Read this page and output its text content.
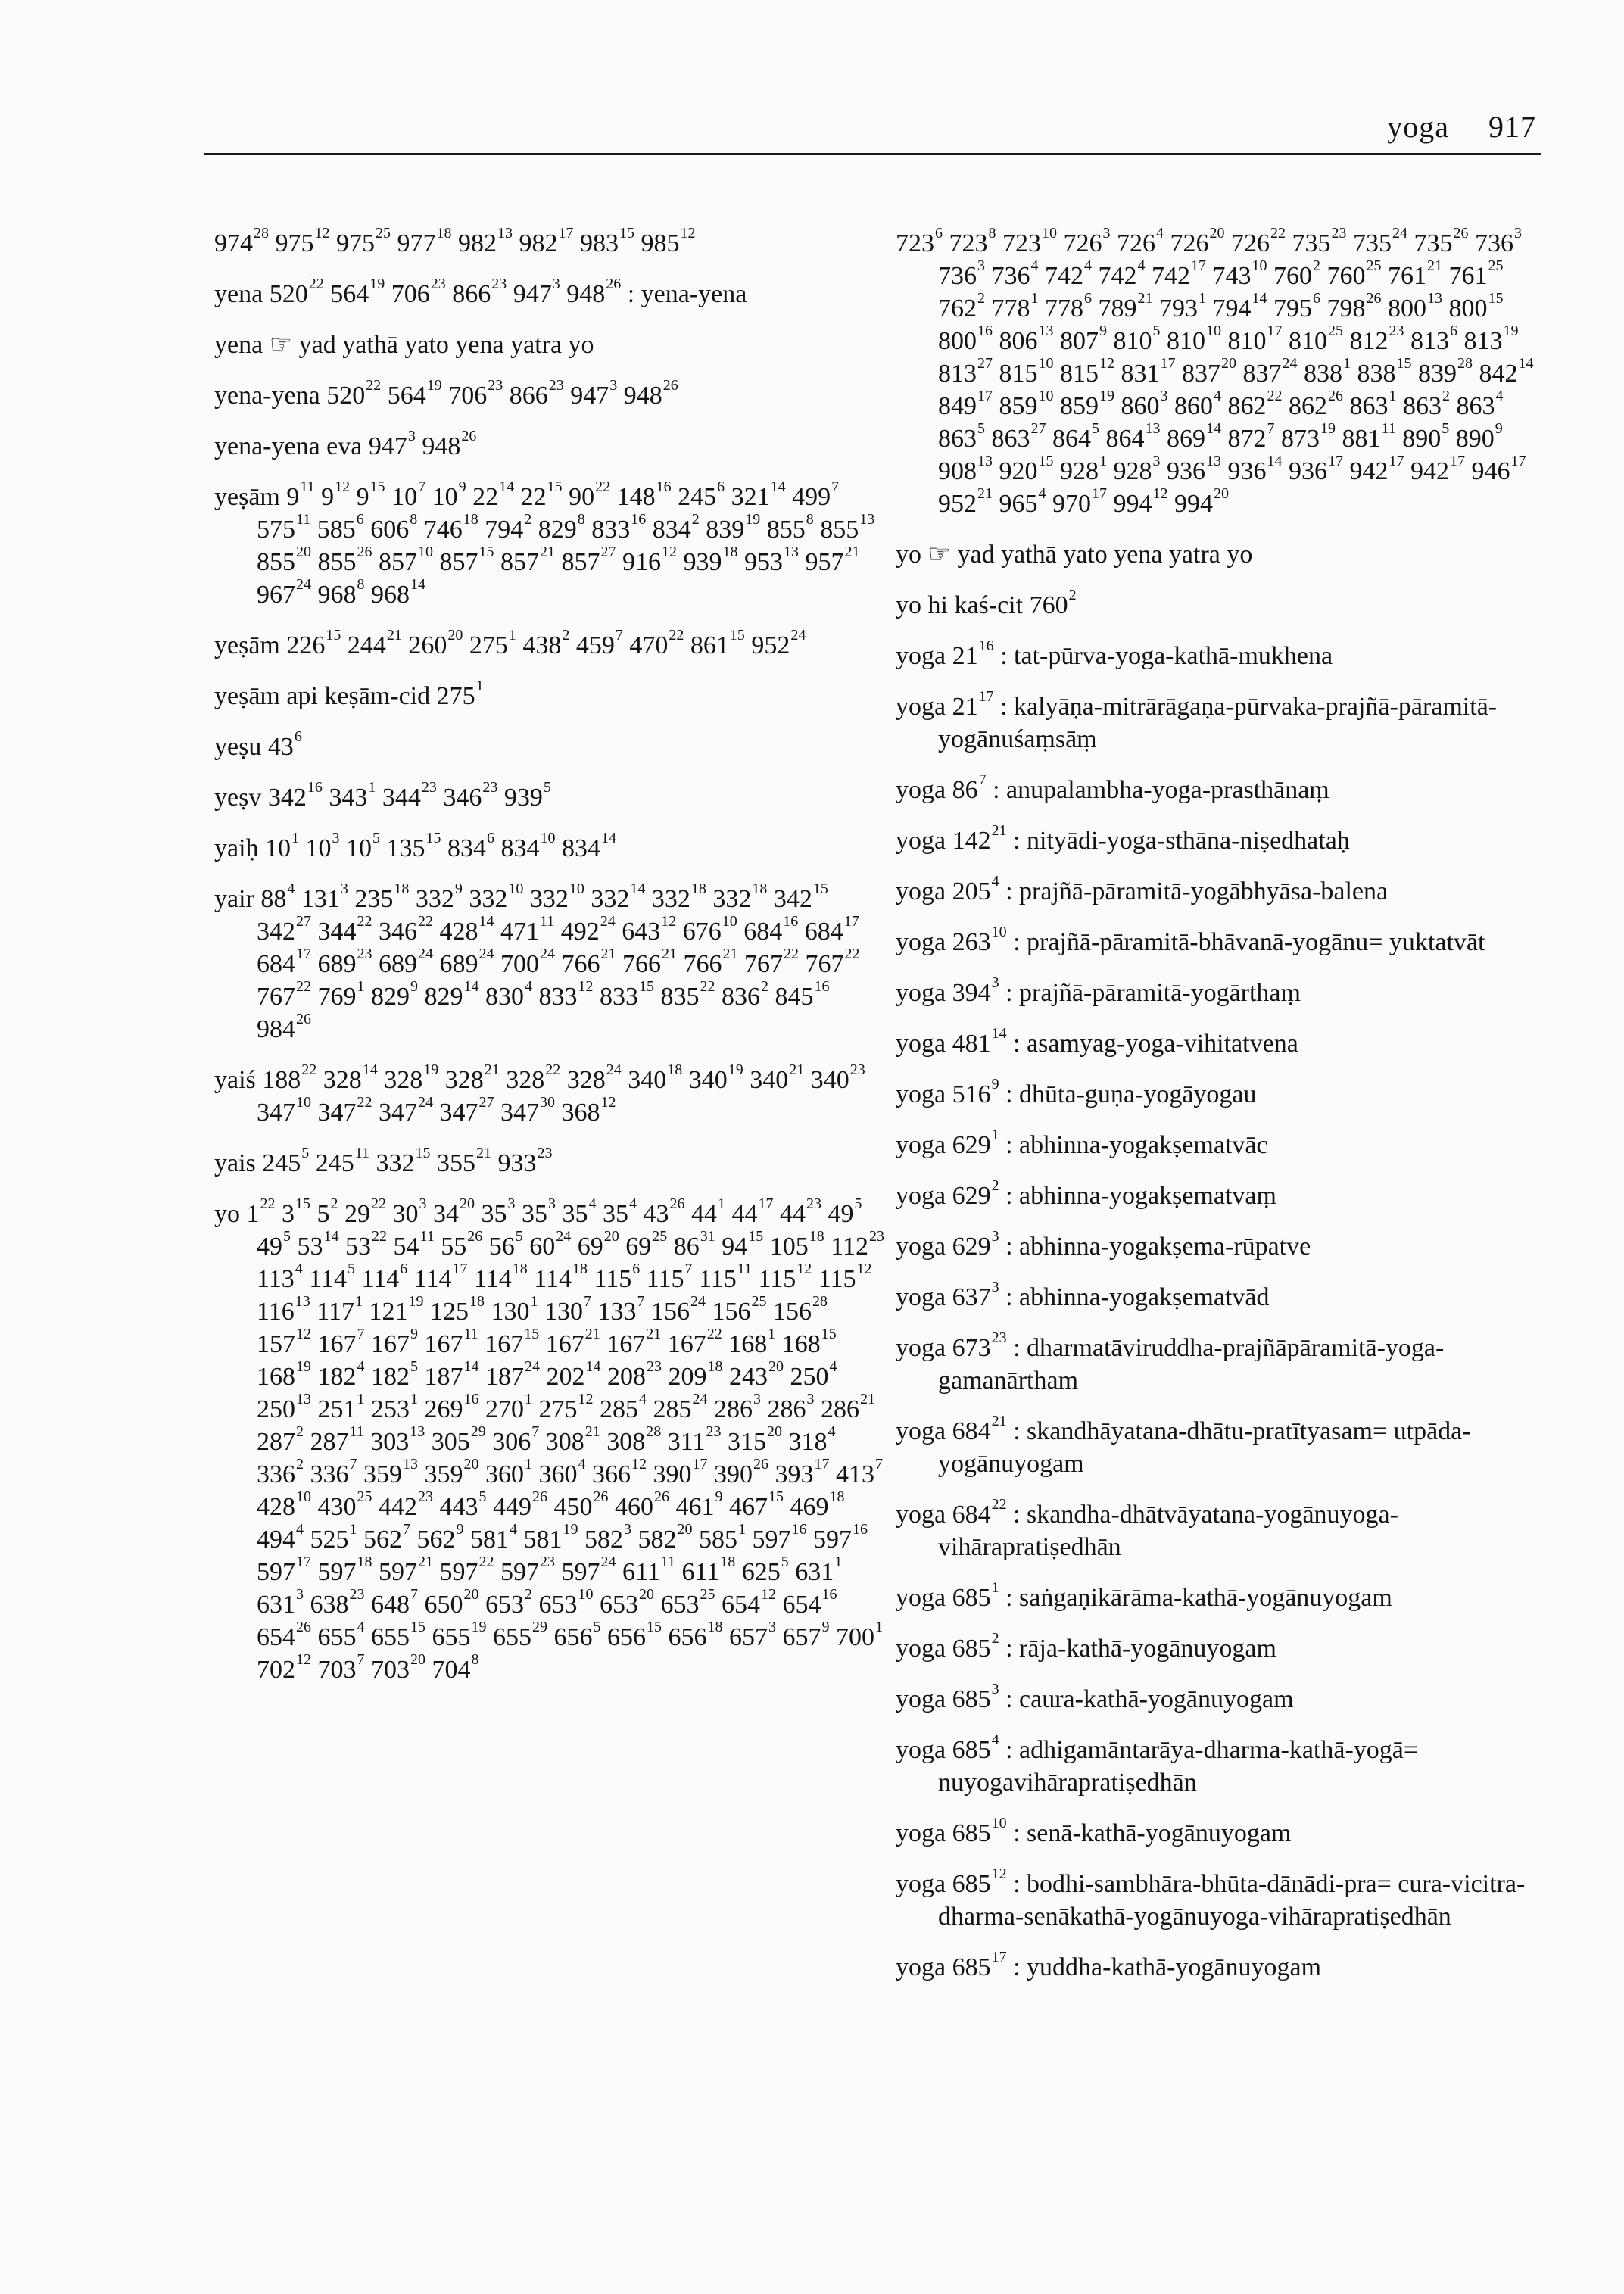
yoga 917
$974^{28}$ $975^{12}$ $975^{25}$ $977^{18}$ $982^{13}$ $982^{17}$ $983^{15}$ $985^{12}$
yena $520^{22}$ $564^{19}$ $706^{23}$ $866^{23}$ $947^3$ $948^{26}$ : yena-yena
yena ☞ yad yathā yato yena yatra yo
yena-yena $520^{22}$ $564^{19}$ $706^{23}$ $866^{23}$ $947^3$ $948^{26}$
yena-yena eva $947^3$ $948^{26}$
yeṣām $9^{11}$ $9^{12}$ $9^{15}$ $10^7$ $10^9$ $22^{14}$ $22^{15}$ $90^{22}$ $148^{16}$ $245^6$ $321^{14}$ $499^7$ $575^{11}$ $585^6$ $606^8$ $746^{18}$ $794^2$ $829^8$ $833^{16}$ $834^2$ $839^{19}$ $855^8$ $855^{13}$ $855^{20}$ $855^{26}$ $857^{10}$ $857^{15}$ $857^{21}$ $857^{27}$ $916^{12}$ $939^{18}$ $953^{13}$ $957^{21}$ $967^{24}$ $968^8$ $968^{14}$
yeṣām $226^{15}$ $244^{21}$ $260^{20}$ $275^1$ $438^2$ $459^7$ $470^{22}$ $861^{15}$ $952^{24}$
yeṣām api keṣām-cid $275^1$
yeṣu $43^6$
yeṣv $342^{16}$ $343^1$ $344^{23}$ $346^{23}$ $939^5$
yaiḥ $10^1$ $10^3$ $10^5$ $135^{15}$ $834^6$ $834^{10}$ $834^{14}$
yair $88^4$ $131^3$ $235^{18}$ $332^9$ $332^{10}$ $332^{10}$ $332^{14}$ $332^{18}$ $332^{18}$ $342^{15}$ $342^{27}$ $344^{22}$ $346^{22}$ $428^{14}$ $471^{11}$ $492^{24}$ $643^{12}$ $676^{10}$ $684^{16}$ $684^{17}$ $684^{17}$ $689^{23}$ $689^{24}$ $689^{24}$ $700^{24}$ $766^{21}$ $766^{21}$ $766^{21}$ $767^{22}$ $767^{22}$ $767^{22}$ $769^1$ $829^9$ $829^{14}$ $830^4$ $833^{12}$ $833^{15}$ $835^{22}$ $836^2$ $845^{16}$ $984^{26}$
yaiś $188^{22}$ $328^{14}$ $328^{19}$ $328^{21}$ $328^{22}$ $328^{24}$ $340^{18}$ $340^{19}$ $340^{21}$ $340^{23}$ $347^{10}$ $347^{22}$ $347^{24}$ $347^{27}$ $347^{30}$ $368^{12}$
yais $245^5$ $245^{11}$ $332^{15}$ $355^{21}$ $933^{23}$
yo $1^{22}$ $3^{15}$ $5^2$ $29^{22}$ $30^3$ $34^{20}$ $35^3$ $35^3$ $35^4$ $35^4$ $43^{26}$ $44^1$ $44^{17}$ $44^{23}$ $49^5$ $49^5$ $53^{14}$ $53^{22}$ $54^{11}$ $55^{26}$ $56^5$ $60^{24}$ $69^{20}$ $69^{25}$ $86^{31}$ $94^{15}$ $105^{18}$ $112^{23}$ $113^4$ $114^5$ $114^6$ $114^{17}$ $114^{18}$ $114^{18}$ $115^6$ $115^7$ $115^{11}$ $115^{12}$ $115^{12}$ $116^{13}$ $117^1$ $121^{19}$ $125^{18}$ $130^1$ $130^7$ $133^7$ $156^{24}$ $156^{25}$ $156^{28}$ $157^{12}$ $167^7$ $167^9$ $167^{11}$ $167^{15}$ $167^{21}$ $167^{21}$ $167^{22}$ $168^1$ $168^{15}$ $168^{19}$ $182^4$ $182^5$ $187^{14}$ $187^{24}$ $202^{14}$ $208^{23}$ $209^{18}$ $243^{20}$ $250^4$ $250^{13}$ $251^1$ $253^1$ $269^{16}$ $270^1$ $275^{12}$ $285^4$ $285^{24}$ $286^3$ $286^3$ $286^{21}$ $287^2$ $287^{11}$ $303^{13}$ $305^{29}$ $306^7$ $308^{21}$ $308^{28}$ $311^{23}$ $315^{20}$ $318^4$ $336^2$ $336^7$ $359^{13}$ $359^{20}$ $360^1$ $360^4$ $366^{12}$ $390^{17}$ $390^{26}$ $393^{17}$ $413^7$ $428^{10}$ $430^{25}$ $442^{23}$ $443^5$ $449^{26}$ $450^{26}$ $460^{26}$ $461^9$ $467^{15}$ $469^{18}$ $494^4$ $525^1$ $562^7$ $562^9$ $581^4$ $581^{19}$ $582^3$ $582^{20}$ $585^1$ $597^{16}$ $597^{16}$ $597^{17}$ $597^{18}$ $597^{21}$ $597^{22}$ $597^{23}$ $597^{24}$ $611^{11}$ $611^{18}$ $625^5$ $631^1$ $631^3$ $638^{23}$ $648^7$ $650^{20}$ $653^2$ $653^{10}$ $653^{20}$ $653^{25}$ $654^{12}$ $654^{16}$ $654^{26}$ $655^4$ $655^{15}$ $655^{19}$ $655^{29}$ $656^5$ $656^{15}$ $656^{18}$ $657^3$ $657^9$ $700^1$ $702^{12}$ $703^7$ $703^{20}$ $704^8$
$723^6$ $723^8$ $723^{10}$ $726^3$ $726^4$ $726^{20}$ $726^{22}$ $735^{23}$ $735^{24}$ $735^{26}$ $736^3$ $736^3$ $736^4$ $742^4$ $742^4$ $742^{17}$ $743^{10}$ $760^2$ $760^{25}$ $761^{21}$ $761^{25}$ $762^2$ $778^1$ $778^6$ $789^{21}$ $793^1$ $794^{14}$ $795^6$ $798^{26}$ $800^{13}$ $800^{15}$ $800^{16}$ $806^{13}$ $807^9$ $810^5$ $810^{10}$ $810^{17}$ $810^{25}$ $812^{23}$ $813^6$ $813^{19}$ $813^{27}$ $815^{10}$ $815^{12}$ $831^{17}$ $837^{20}$ $837^{24}$ $838^1$ $838^{15}$ $839^{28}$ $842^{14}$ $849^{17}$ $859^{10}$ $859^{19}$ $860^3$ $860^4$ $862^{22}$ $862^{26}$ $863^1$ $863^2$ $863^4$ $863^5$ $863^{27}$ $864^5$ $864^{13}$ $869^{14}$ $872^7$ $873^{19}$ $881^{11}$ $890^5$ $890^9$ $908^{13}$ $920^{15}$ $928^1$ $928^3$ $936^{13}$ $936^{14}$ $936^{17}$ $942^{17}$ $942^{17}$ $946^{17}$ $952^{21}$ $965^4$ $970^{17}$ $994^{12}$ $994^{20}$
yo ☞ yad yathā yato yena yatra yo
yo hi kaś-cit $760^2$
yoga $21^{16}$ : tat-pūrva-yoga-kathā-mukhena
yoga $21^{17}$ : kalyāṇa-mitrārāgaṇa-pūrvaka-prajñā-pāramitā-yogānuśaṃsāṃ
yoga $86^7$ : anupalambha-yoga-prasthānaṃ
yoga $142^{21}$ : nityādi-yoga-sthāna-niṣedhataḥ
yoga $205^4$ : prajñā-pāramitā-yogābhyāsa-balena
yoga $263^{10}$ : prajñā-pāramitā-bhāvanā-yogānu= yuktatvāt
yoga $394^3$ : prajñā-pāramitā-yogārthaṃ
yoga $481^{14}$ : asamyag-yoga-vihitatvena
yoga $516^9$ : dhūta-guṇa-yogāyogau
yoga $629^1$ : abhinna-yogakṣematvāc
yoga $629^2$ : abhinna-yogakṣematvaṃ
yoga $629^3$ : abhinna-yogakṣema-rūpatve
yoga $637^3$ : abhinna-yogakṣematvād
yoga $673^{23}$ : dharmatāviruddha-prajñāpāramitā-yoga-gamanārtham
yoga $684^{21}$ : skandhāyatana-dhātu-pratītyasam= utpāda-yogānuyogam
yoga $684^{22}$ : skandha-dhātvāyatana-yogānuyoga-vihārapratiṣedhān
yoga $685^1$ : saṅgaṇikārāma-kathā-yogānuyogam
yoga $685^2$ : rāja-kathā-yogānuyogam
yoga $685^3$ : caura-kathā-yogānuyogam
yoga $685^4$ : adhigamāntarāya-dharma-kathā-yogā= nuyogavihārapratiṣedhān
yoga $685^{10}$ : senā-kathā-yogānuyogam
yoga $685^{12}$ : bodhi-sambhāra-bhūta-dānādi-pra= cura-vicitra-dharma-senākathā-yogānuyoga-vihārapratiṣedhān
yoga $685^{17}$ : yuddha-kathā-yogānuyogam
